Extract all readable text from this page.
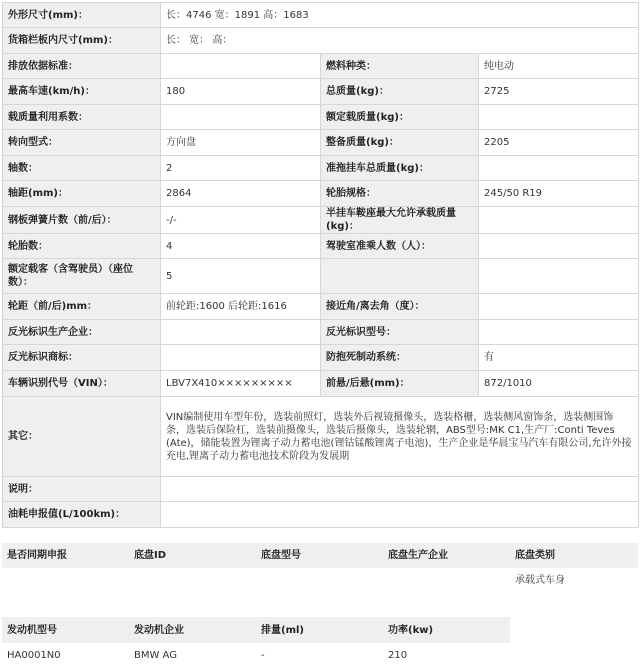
外形尺寸(mm)：	长：4746 宽：1891 高：1683		
货箱栏板内尺寸(mm)：	长： 宽： 高：		
排放依据标准：		燃料种类：	纯电动
最高车速(km/h)：	180	总质量(kg)：	2725
载质量利用系数：		额定载质量(kg)：	
转向型式：	方向盘	整备质量(kg)：	2205
轴数：	2	准拖挂车总质量(kg)：	
轴距(mm)：	2864	轮胎规格：	245/50 R19
钢板弹簧片数（前/后）：	-/-	半挂车鞍座最大允许承载质量(kg)：	
轮胎数：	4	驾驶室准乘人数（人）：	
额定载客（含驾驶员）（座位数）：	5		
轮距（前/后)mm：	前轮距:1600 后轮距:1616	接近角/离去角（度）：	
反光标识生产企业：		反光标识型号：	
反光标识商标：		防抱死制动系统：	有
车辆识别代号（VIN）：	LBV7X410×××××××××	前悬/后悬(mm)：	872/1010
其它：	VIN编制使用车型年份，选装前照灯，选装外后视镜摄像头，选装格栅，选装侧风窗饰条，选装侧围饰条，选装后保险杠，选装前摄像头，选装后摄像头，选装轮辋，ABS型号:MK C1,生产厂:Conti Teves (Ate)，储能装置为锂离子动力蓄电池(锂钴锰酸锂离子电池)，生产企业是华晨宝马汽车有限公司,允许外接充电,锂离子动力蓄电池技术阶段为发展期		
说明：			
油耗申报值(L/100km)：			
是否同期申报	底盘ID	底盘型号	底盘生产企业	底盘类别
				承载式车身
发动机型号	发动机企业	排量(ml)	功率(kw)	
HA0001N0	BMW AG	-	210	
